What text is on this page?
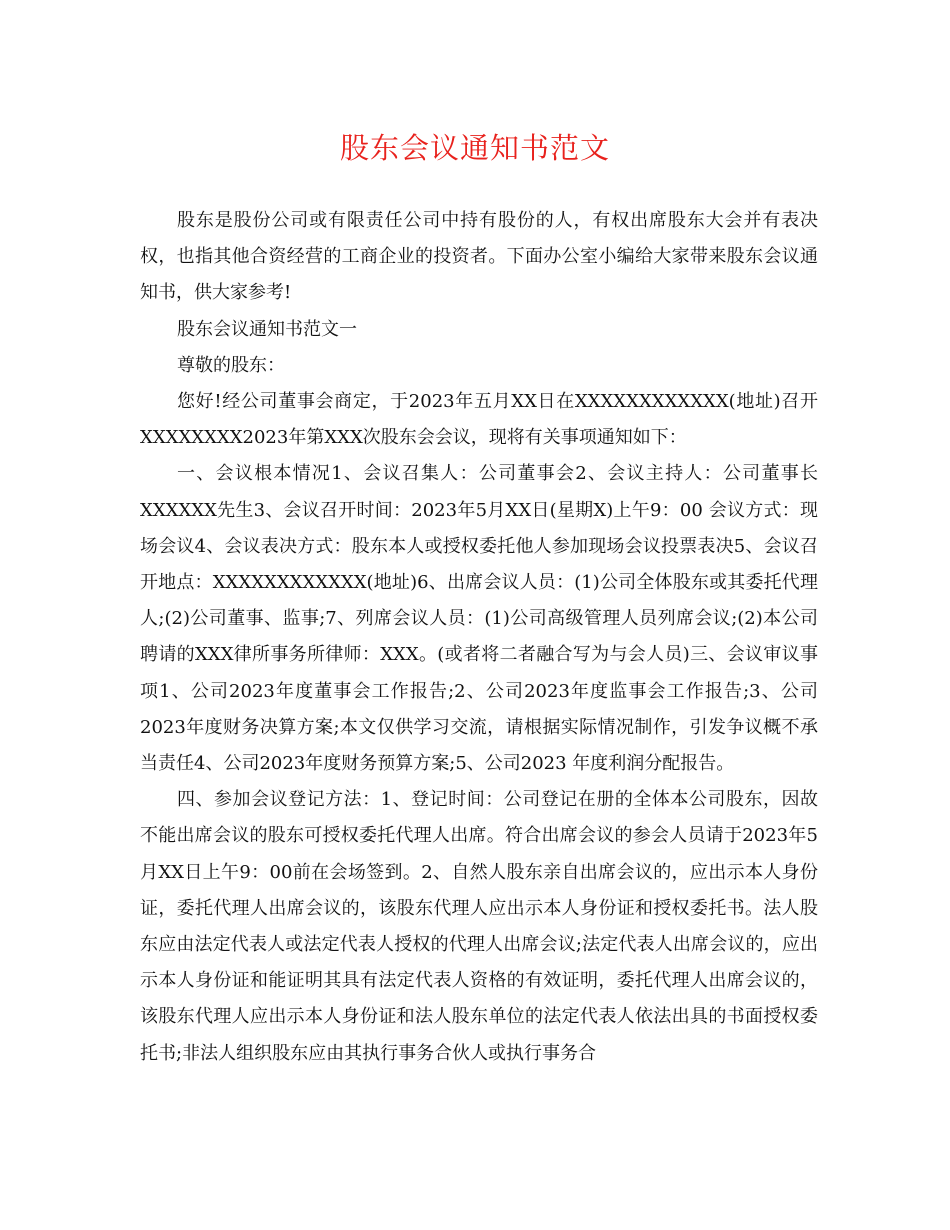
股东会议通知书范文

股东是股份公司或有限责任公司中持有股份的人，有权出席股东大会并有表决权，也指其他合资经营的工商企业的投资者。下面办公室小编给大家带来股东会议通知书，供大家参考!

股东会议通知书范文一

尊敬的股东：

您好!经公司董事会商定，于2023年五月XX日在XXXXXXXXXXXX(地址)召开XXXXXXXX2023年第XXX次股东会会议，现将有关事项通知如下：

一、会议根本情况1、会议召集人：公司董事会2、会议主持人：公司董事长XXXXXX先生3、会议召开时间：2023年5月XX日(星期X)上午9：00 会议方式：现场会议4、会议表决方式：股东本人或授权委托他人参加现场会议投票表决5、会议召开地点：XXXXXXXXXXXX(地址)6、出席会议人员：(1)公司全体股东或其委托代理人;(2)公司董事、监事;7、列席会议人员：(1)公司高级管理人员列席会议;(2)本公司聘请的XXX律所事务所律师：XXX。(或者将二者融合写为与会人员)三、会议审议事项1、公司2023年度董事会工作报告;2、公司2023年度监事会工作报告;3、公司2023年度财务决算方案;本文仅供学习交流，请根据实际情况制作，引发争议概不承当责任4、公司2023年度财务预算方案;5、公司2023 年度利润分配报告。

四、参加会议登记方法：1、登记时间：公司登记在册的全体本公司股东，因故不能出席会议的股东可授权委托代理人出席。符合出席会议的参会人员请于2023年5月XX日上午9：00前在会场签到。2、自然人股东亲自出席会议的，应出示本人身份证，委托代理人出席会议的，该股东代理人应出示本人身份证和授权委托书。法人股东应由法定代表人或法定代表人授权的代理人出席会议;法定代表人出席会议的，应出示本人身份证和能证明其具有法定代表人资格的有效证明，委托代理人出席会议的，该股东代理人应出示本人身份证和法人股东单位的法定代表人依法出具的书面授权委托书;非法人组织股东应由其执行事务合伙人或执行事务合
